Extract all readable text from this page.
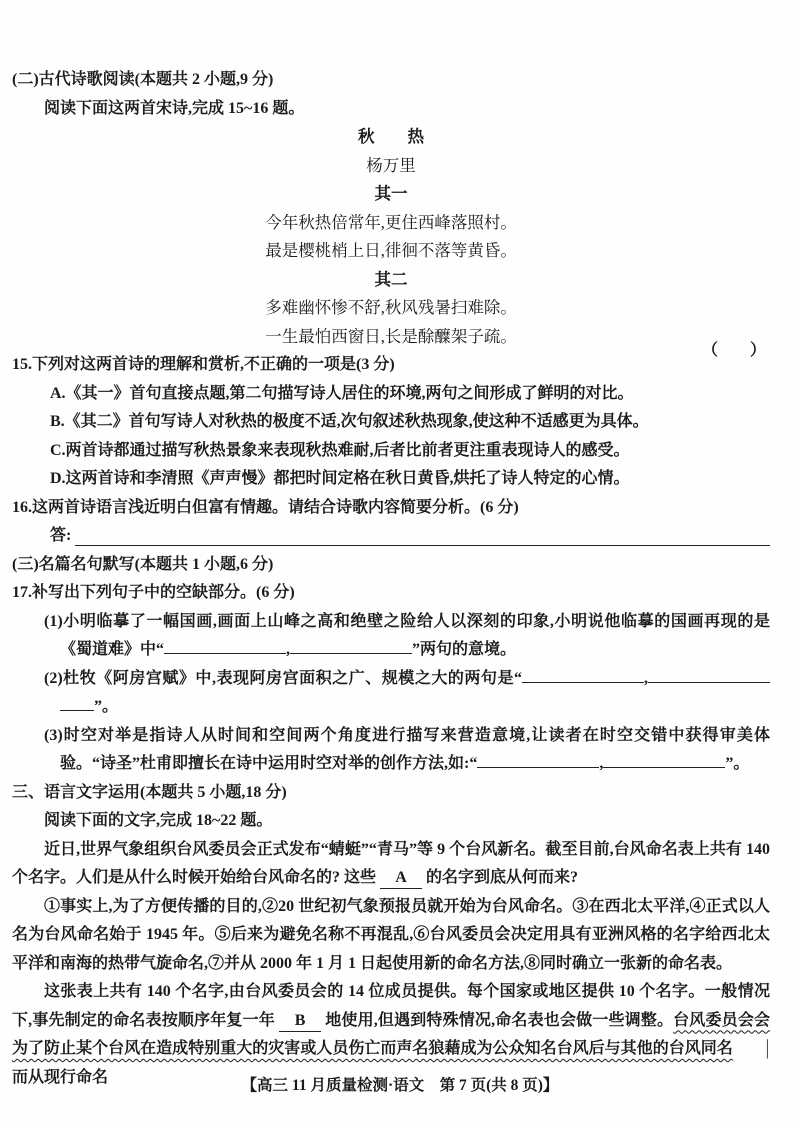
(二)古代诗歌阅读(本题共 2 小题,9 分)

阅读下面这两首宋诗,完成 15~16 题。

秋　　热

杨万里

其一

今年秋热倍常年,更住西峰落照村。

最是樱桃梢上日,徘徊不落等黄昏。

其二

多难幽怀惨不舒,秋风残暑扫难除。

一生最怕西窗日,长是酴醾架子疏。

15.下列对这两首诗的理解和赏析,不正确的一项是(3 分)
（　　）

A.《其一》首句直接点题,第二句描写诗人居住的环境,两句之间形成了鲜明的对比。

B.《其二》首句写诗人对秋热的极度不适,次句叙述秋热现象,使这种不适感更为具体。

C.两首诗都通过描写秋热景象来表现秋热难耐,后者比前者更注重表现诗人的感受。

D.这两首诗和李清照《声声慢》都把时间定格在秋日黄昏,烘托了诗人特定的心情。

16.这两首诗语言浅近明白但富有情趣。请结合诗歌内容简要分析。(6 分)

答:

(三)名篇名句默写(本题共 1 小题,6 分)

17.补写出下列句子中的空缺部分。(6 分)

(1)小明临摹了一幅国画,画面上山峰之高和绝壁之险给人以深刻的印象,小明说他临摹的国画再现的是《蜀道难》中“	,	”两句的意境。

(2)杜牧《阿房宫赋》中,表现阿房宫面积之广、规模之大的两句是“	,”。

(3)时空对举是指诗人从时间和空间两个角度进行描写来营造意境,让读者在时空交错中获得审美体验。“诗圣”杜甫即擅长在诗中运用时空对举的创作方法,如:“	,	”。

三、语言文字运用(本题共 5 小题,18 分)

阅读下面的文字,完成 18~22 题。

近日,世界气象组织台风委员会正式发布“蜻蜓”“青马”等 9 个台风新名。截至目前,台风命名表上共有 140 个名字。人们是从什么时候开始给台风命名的? 这些 A 的名字到底从何而来?

①事实上,为了方便传播的目的,②20 世纪初气象预报员就开始为台风命名。③在西北太平洋,④正式以人名为台风命名始于 1945 年。⑤后来为避免名称不再混乱,⑥台风委员会决定用具有亚洲风格的名字给西北太平洋和南海的热带气旋命名,⑦并从 2000 年 1 月 1 日起使用新的命名方法,⑧同时确立一张新的命名表。

这张表上共有 140 个名字,由台风委员会的 14 位成员提供。每个国家或地区提供 10 个名字。一般情况下,事先制定的命名表按顺序年复一年 B 地使用,但遇到特殊情况,命名表也会做一些调整。台风委员会会为了防止某个台风在造成特别重大的灾害或人员伤亡而声名狼藉成为公众知名台风后与其他的台风同名 |而从现行命名	【高三 11 月质量检测·语文　第 7 页(共 8 页)】
